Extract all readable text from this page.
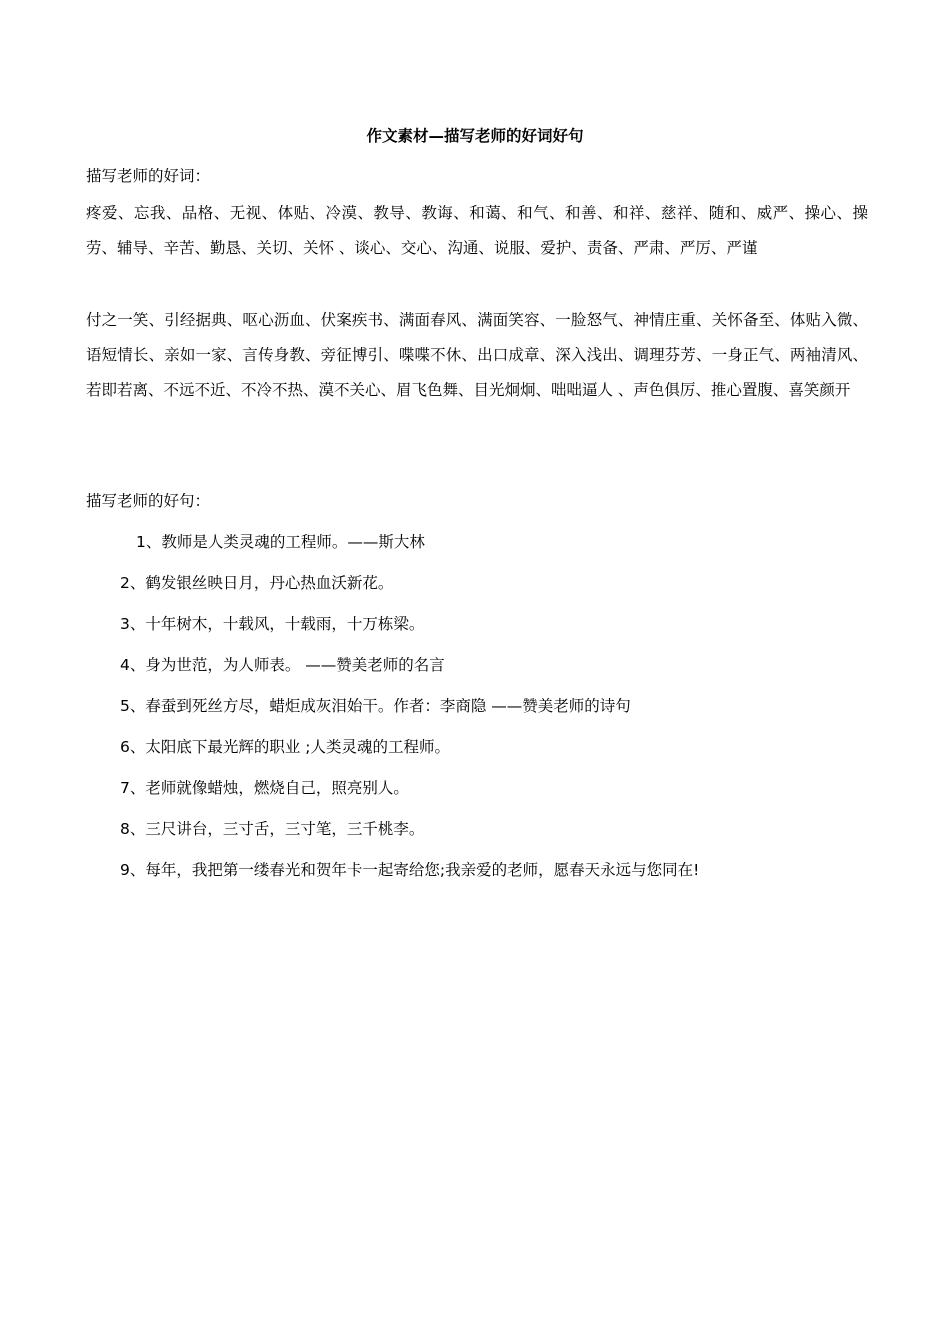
作文素材—描写老师的好词好句
描写老师的好词：
疼爱、忘我、品格、无视、体贴、冷漠、教导、教诲、和蔼、和气、和善、和祥、慈祥、随和、威严、操心、操劳、辅导、辛苦、勤恳、关切、关怀 、谈心、交心、沟通、说服、爱护、责备、严肃、严厉、严谨
付之一笑、引经据典、呕心沥血、伏案疾书、满面春风、满面笑容、一脸怒气、神情庄重、关怀备至、体贴入微、语短情长、亲如一家、言传身教、旁征博引、喋喋不休、出口成章、深入浅出、调理芬芳、一身正气、两袖清风、 若即若离、不远不近、不冷不热、漠不关心、眉飞色舞、目光炯炯、咄咄逼人 、声色俱厉、推心置腹、喜笑颜开
描写老师的好句：
1、教师是人类灵魂的工程师。——斯大林
2、鹤发银丝映日月，丹心热血沃新花。
3、十年树木，十载风，十载雨，十万栋梁。
4、身为世范，为人师表。 ——赞美老师的名言
5、春蚕到死丝方尽，蜡炬成灰泪始干。作者：李商隐 ——赞美老师的诗句
6、太阳底下最光辉的职业 ;人类灵魂的工程师。
7、老师就像蜡烛，燃烧自己，照亮别人。
8、三尺讲台，三寸舌，三寸笔，三千桃李。
9、每年，我把第一缕春光和贺年卡一起寄给您;我亲爱的老师，愿春天永远与您同在!
